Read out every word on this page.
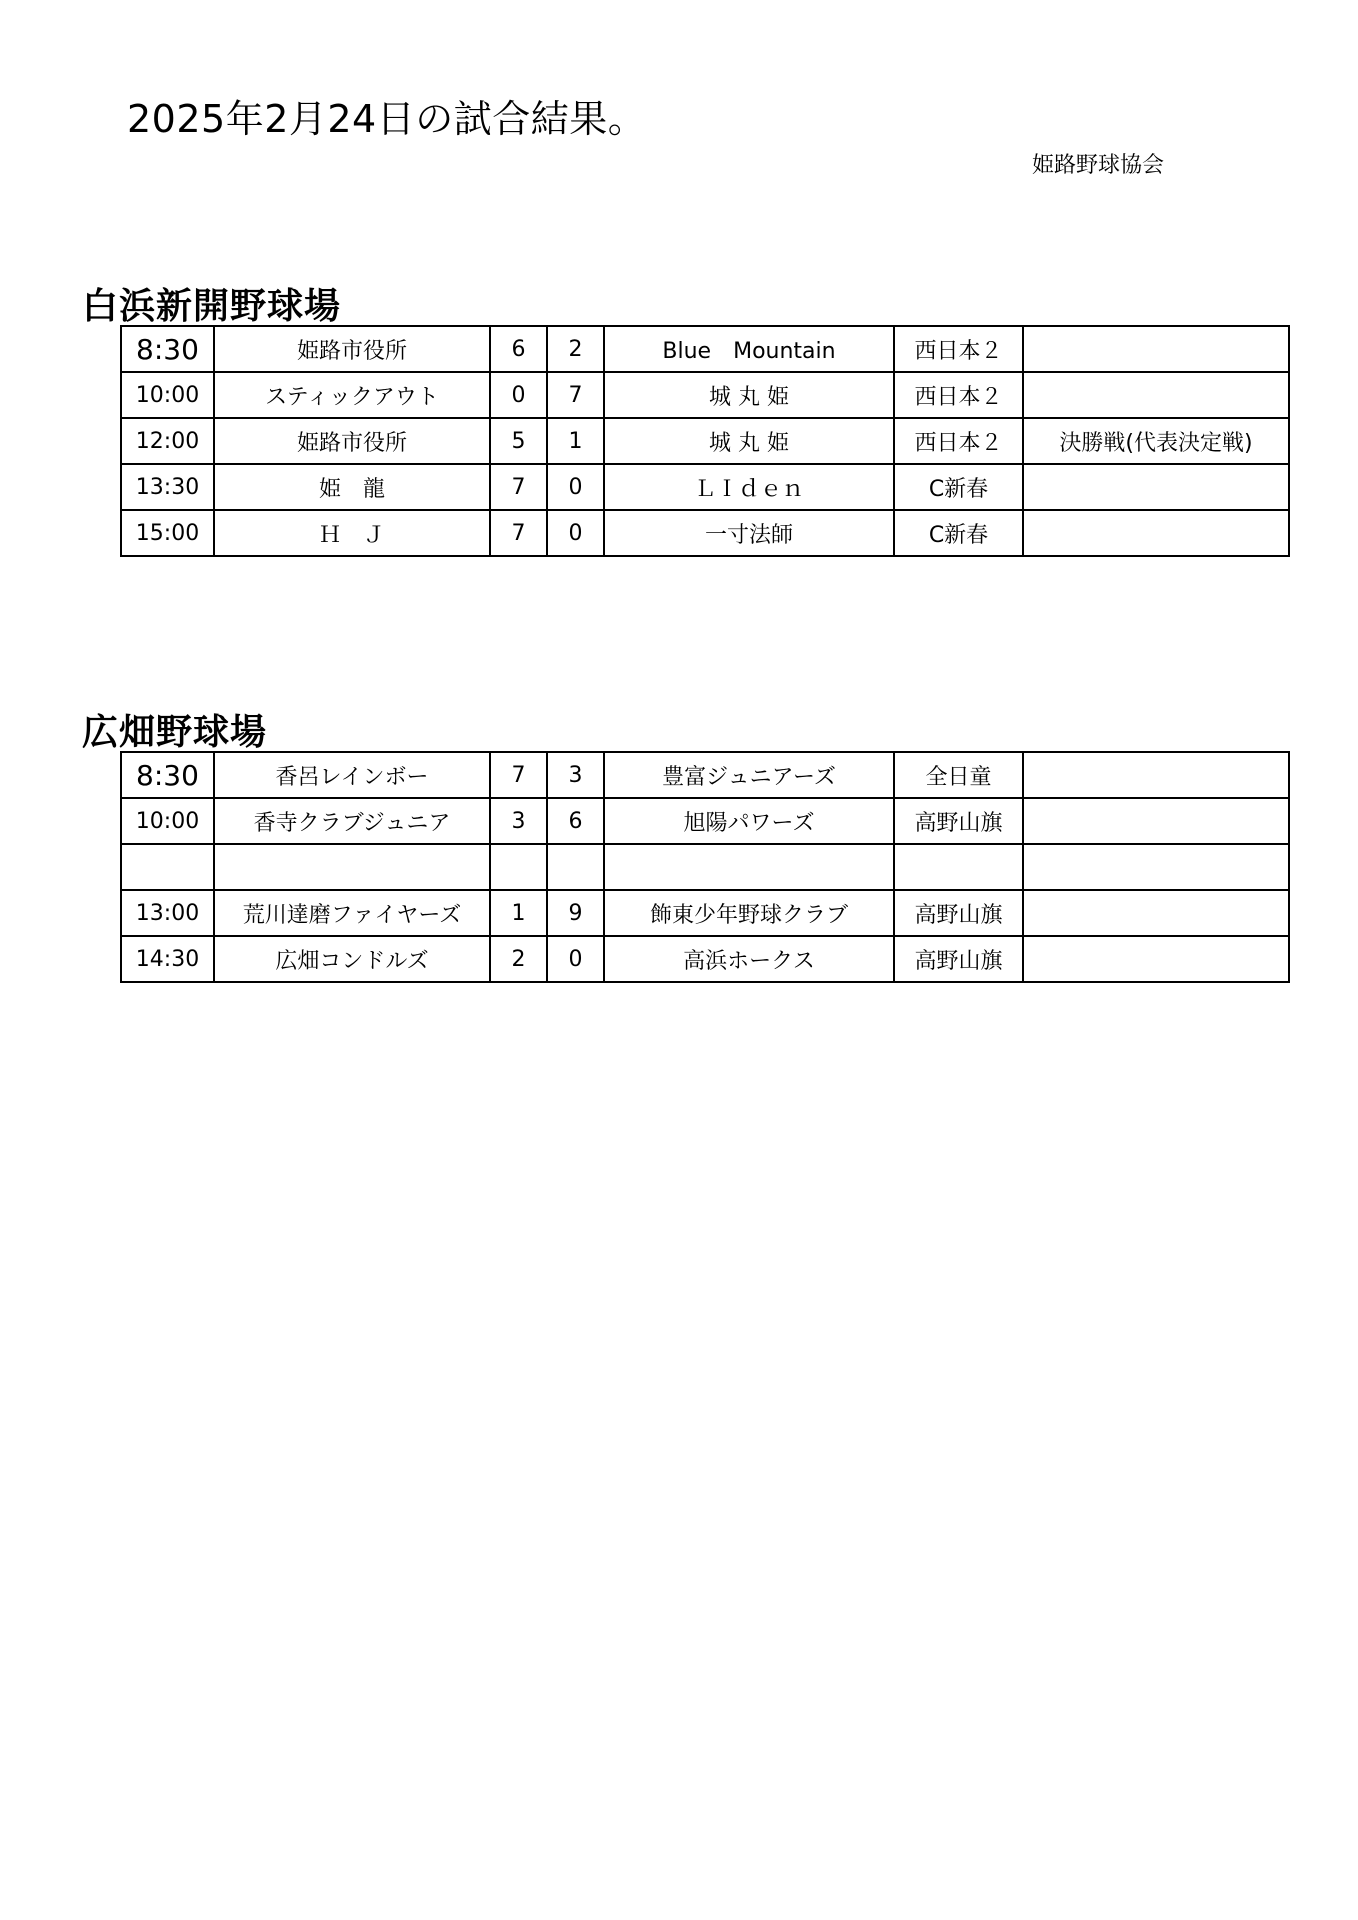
2025年2月24日の試合結果。
姫路野球協会
白浜新開野球場
8:30	姫路市役所	6	2	Blue　Mountain	西日本２	
10:00	スティックアウト	0	7	城 丸 姫	西日本２	
12:00	姫路市役所	5	1	城 丸 姫	西日本２	決勝戦(代表決定戦)
13:30	姫　龍	7	0	ＬＩｄｅｎ	C新春	
15:00	Ｈ　Ｊ	7	0	一寸法師	C新春	
広畑野球場
8:30	香呂レインボー	7	3	豊富ジュニアーズ	全日童	
10:00	香寺クラブジュニア	3	6	旭陽パワーズ	高野山旗	

13:00	荒川達磨ファイヤーズ	1	9	飾東少年野球クラブ	高野山旗	
14:30	広畑コンドルズ	2	0	高浜ホークス	高野山旗	
